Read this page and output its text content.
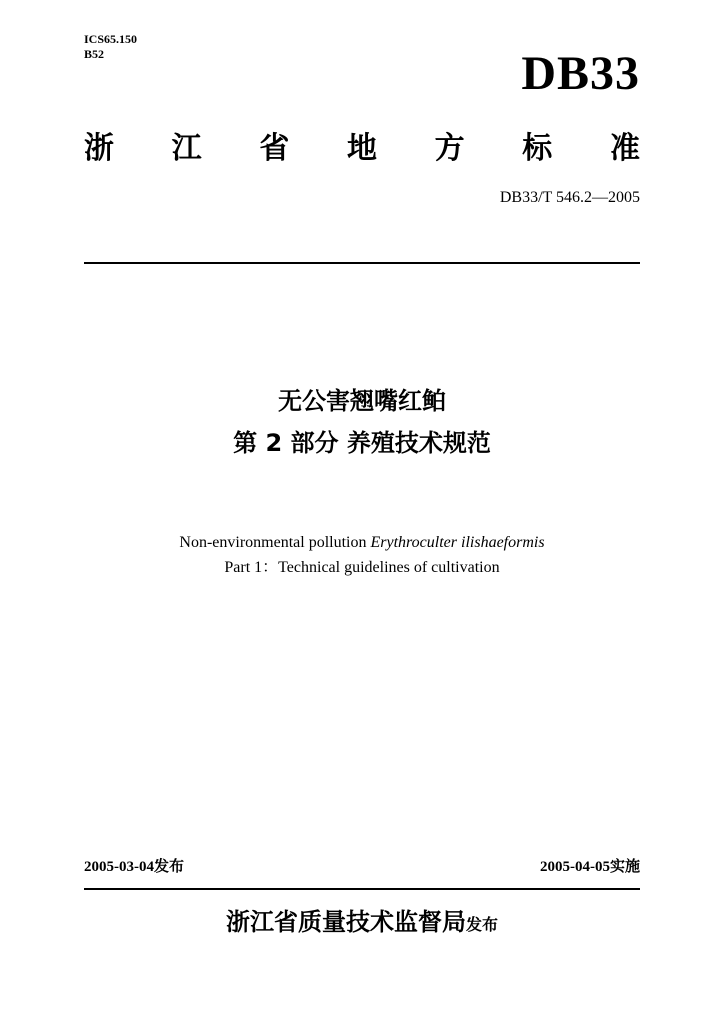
ICS65.150
B52	DB33
浙 江 省 地 方 标 准
DB33/T 546.2—2005
无公害翘嘴红鲌
第 2 部分 养殖技术规范
Non-environmental pollution Erythroculter ilishaeformis
Part 1：Technical guidelines of cultivation
2005-03-04发布	2005-04-05实施
浙江省质量技术监督局发布
